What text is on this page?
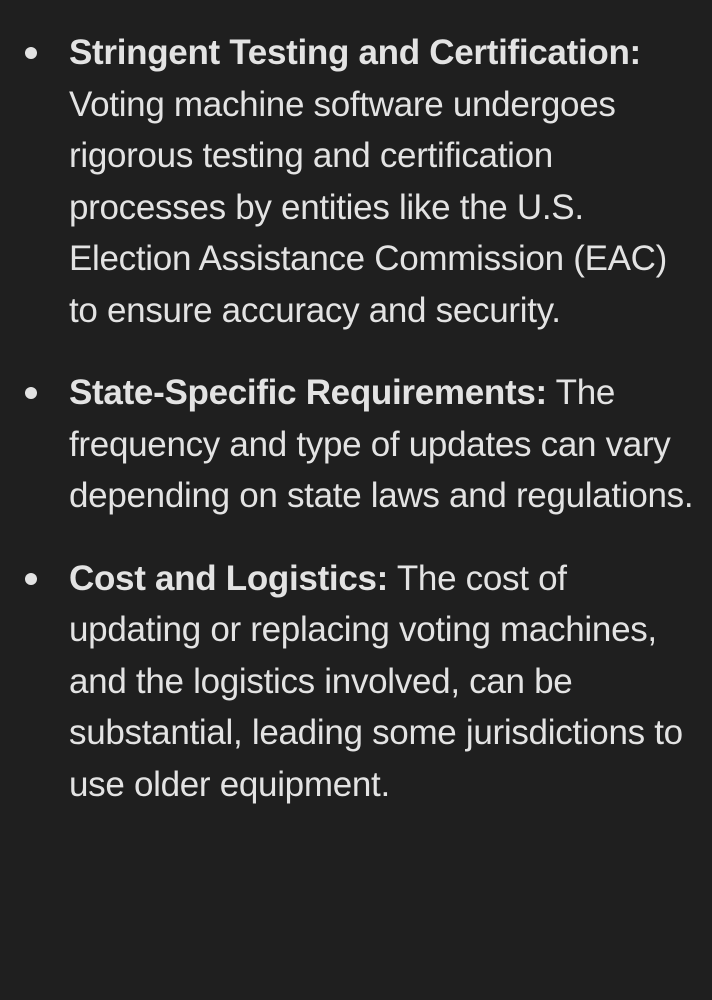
Stringent Testing and Certification: Voting machine software undergoes rigorous testing and certification processes by entities like the U.S. Election Assistance Commission (EAC) to ensure accuracy and security.
State-Specific Requirements: The frequency and type of updates can vary depending on state laws and regulations.
Cost and Logistics: The cost of updating or replacing voting machines, and the logistics involved, can be substantial, leading some jurisdictions to use older equipment.
